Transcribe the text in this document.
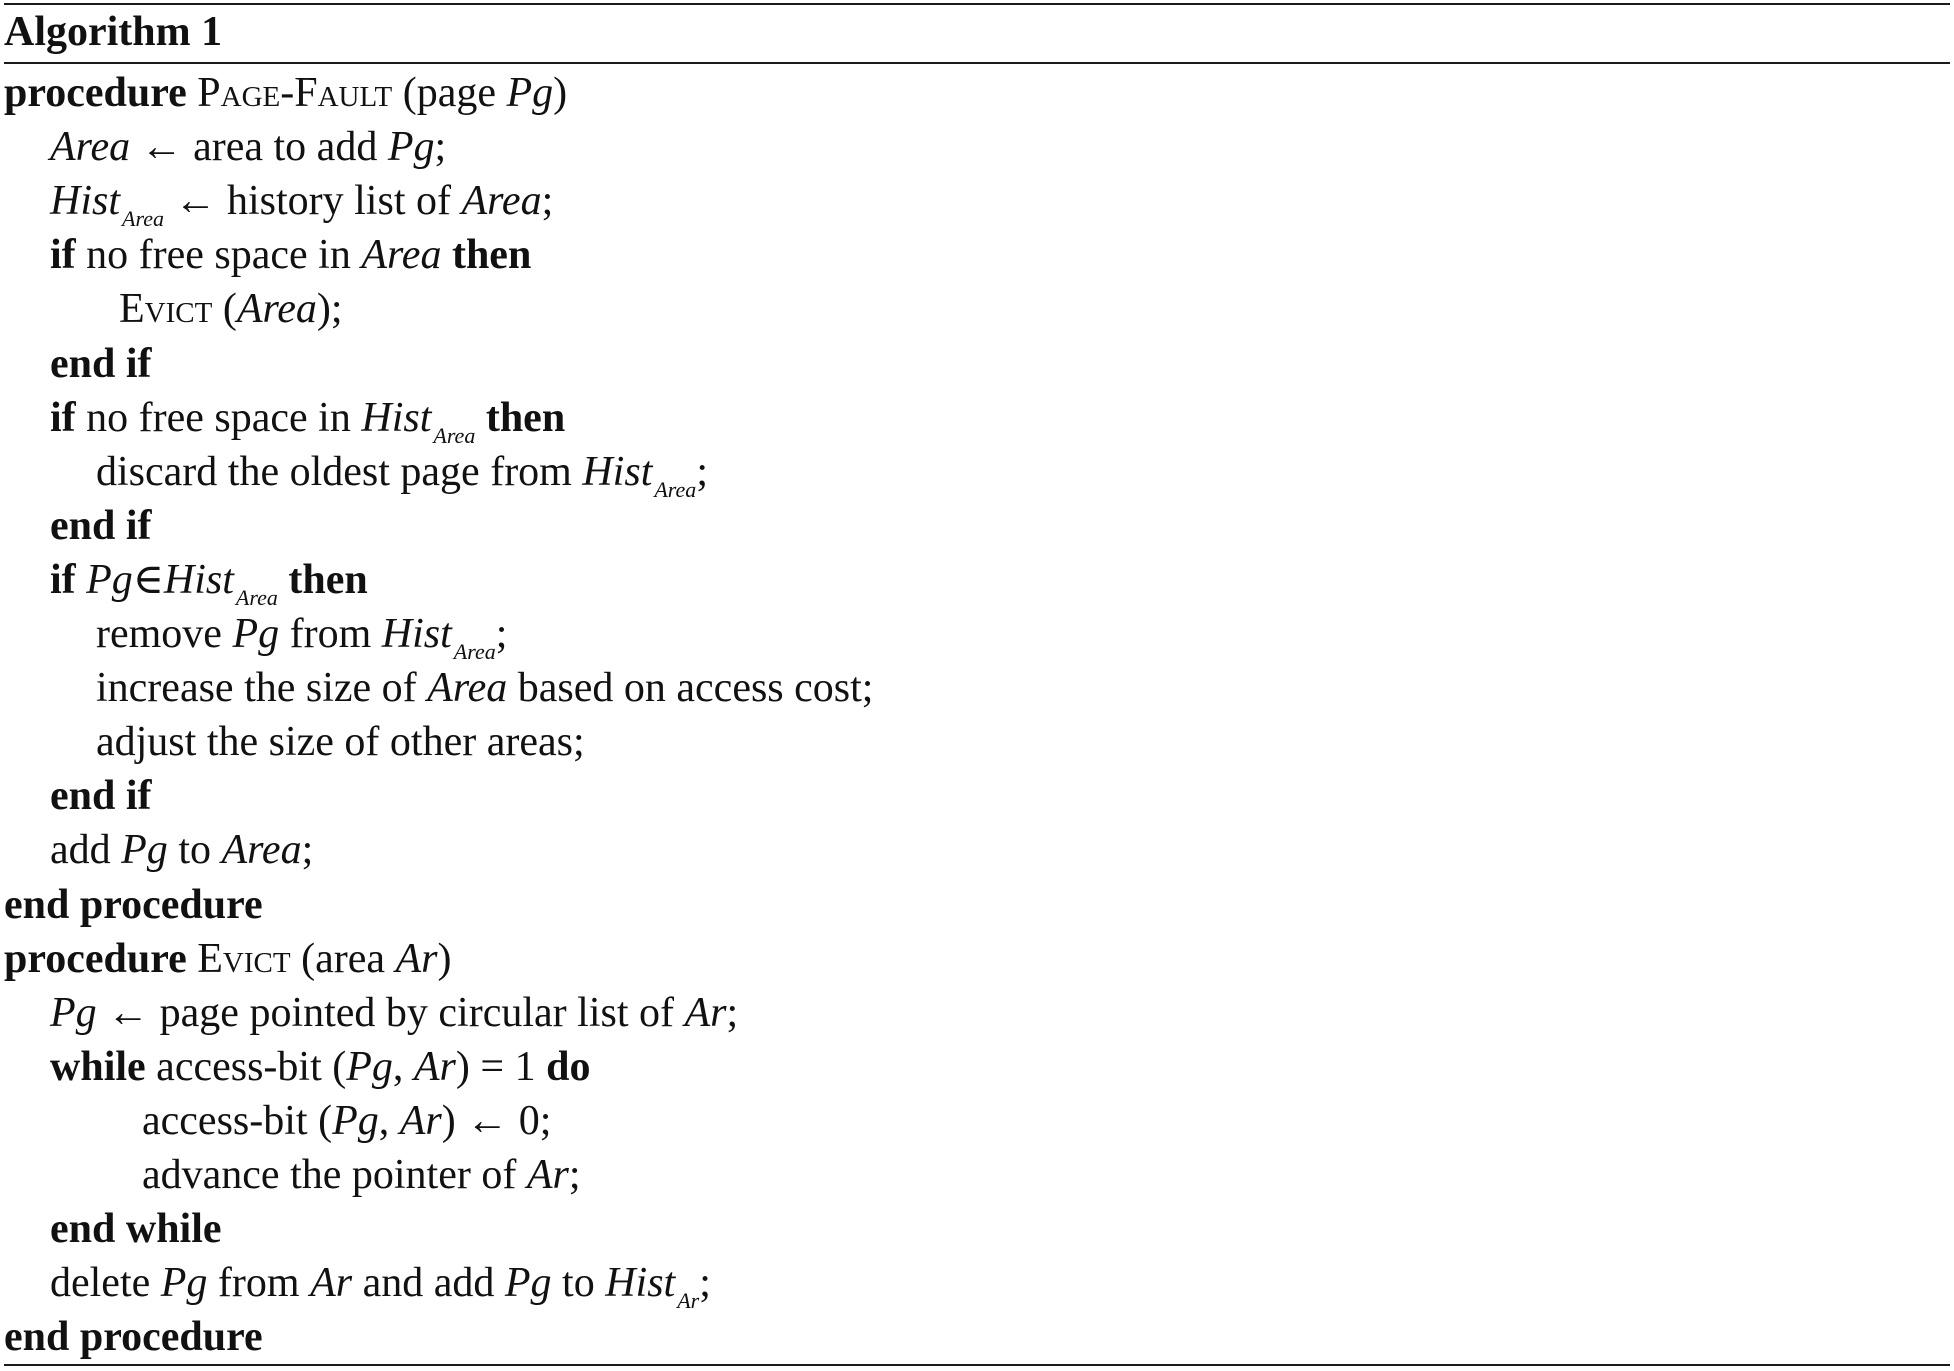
Algorithm 1
procedure Page-Fault (page Pg)
Area ← area to add Pg;
Hist$_{Area}$ ← history list of Area;
if no free space in Area then
Evict (Area);
end if
if no free space in Hist$_{Area}$ then
discard the oldest page from Hist$_{Area}$;
end if
if Pg∈Hist$_{Area}$ then
remove Pg from Hist$_{Area}$;
increase the size of Area based on access cost;
adjust the size of other areas;
end if
add Pg to Area;
end procedure
procedure Evict (area Ar)
Pg ← page pointed by circular list of Ar;
while access-bit (Pg, Ar) = 1 do
access-bit (Pg, Ar) ← 0;
advance the pointer of Ar;
end while
delete Pg from Ar and add Pg to Hist$_{Ar}$;
end procedure
